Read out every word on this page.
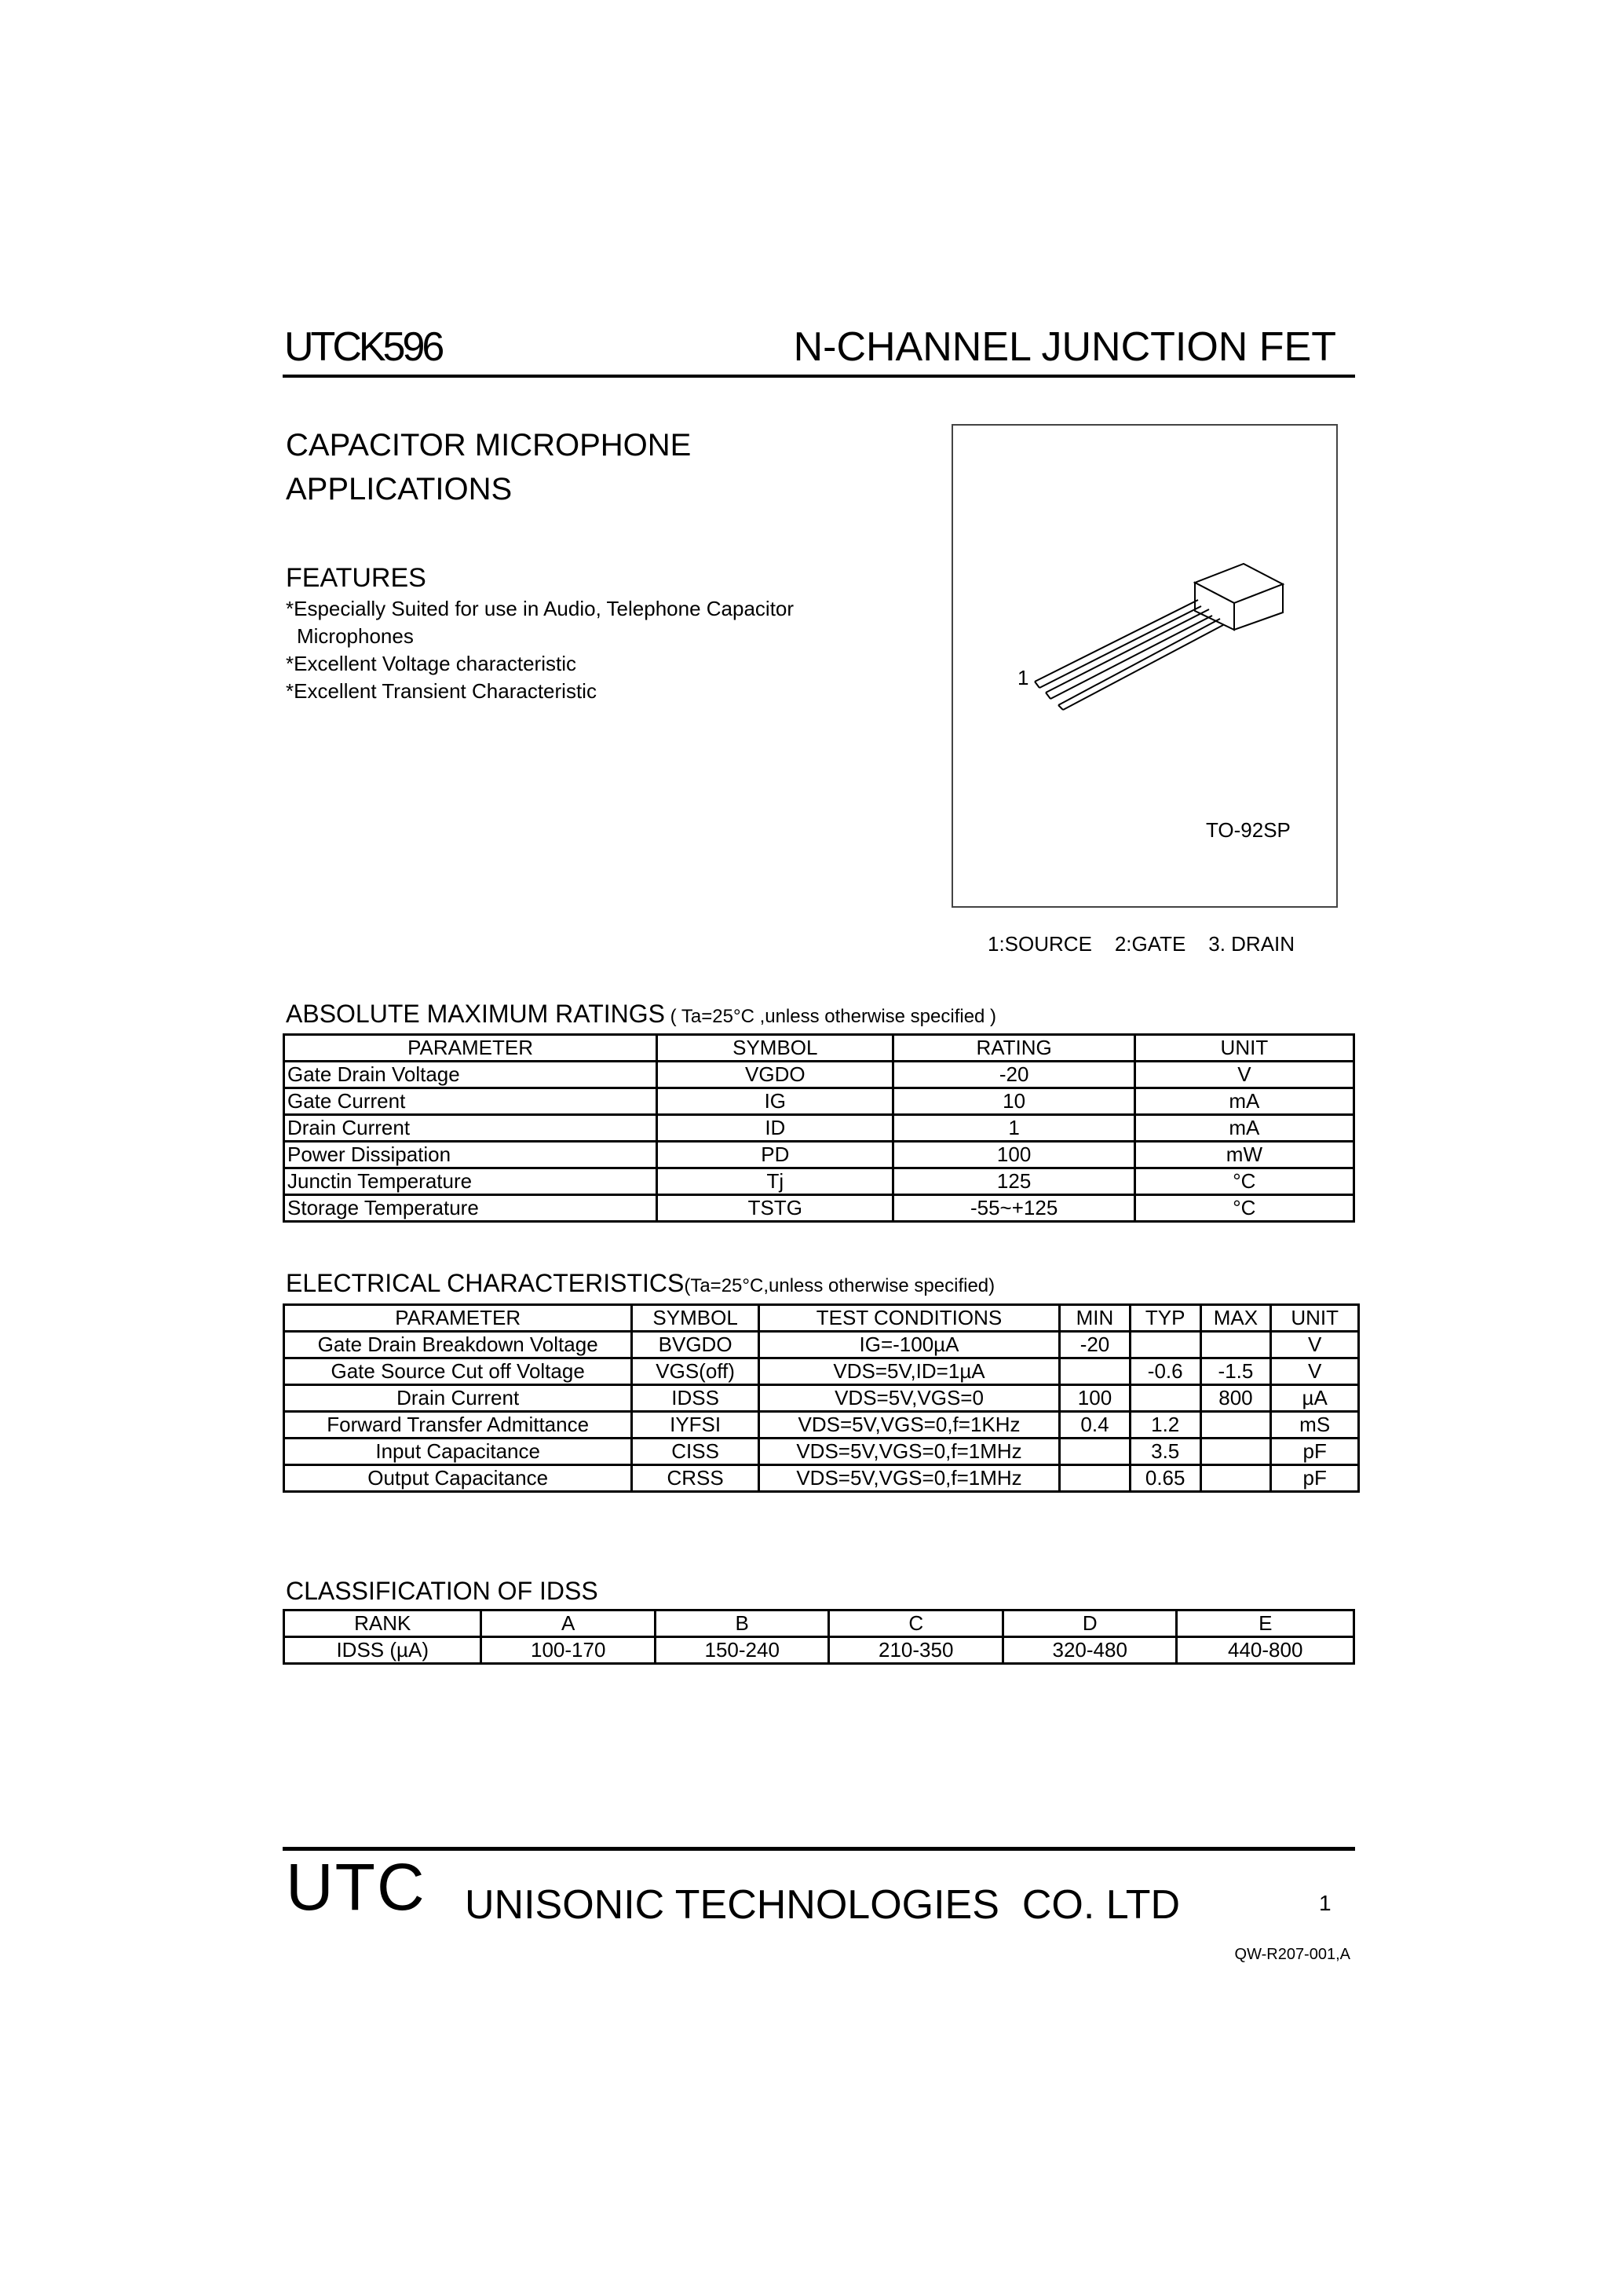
UTCK596	N-CHANNEL JUNCTION FET
CAPACITOR MICROPHONE
APPLICATIONS
FEATURES
*Especially Suited for use in Audio, Telephone Capacitor
Microphones
*Excellent Voltage characteristic
*Excellent Transient Characteristic
1
TO-92SP
1:SOURCE    2:GATE    3. DRAIN
ABSOLUTE MAXIMUM RATINGS ( Ta=25°C ,unless otherwise specified )
PARAMETER	SYMBOL	RATING	UNIT
Gate Drain Voltage	VGDO	-20	V
Gate Current	IG	10	mA
Drain Current	ID	1	mA
Power Dissipation	PD	100	mW
Junctin Temperature	Tj	125	°C
Storage Temperature	TSTG	-55~+125	°C
ELECTRICAL CHARACTERISTICS(Ta=25°C,unless otherwise specified)
PARAMETER	SYMBOL	TEST CONDITIONS	MIN	TYP	MAX	UNIT
Gate Drain Breakdown Voltage	BVGDO	IG=-100µA	-20			V
Gate Source Cut off Voltage	VGS(off)	VDS=5V,ID=1µA		-0.6	-1.5	V
Drain Current	IDSS	VDS=5V,VGS=0	100		800	µA
Forward Transfer Admittance	IYFSI	VDS=5V,VGS=0,f=1KHz	0.4	1.2		mS
Input Capacitance	CISS	VDS=5V,VGS=0,f=1MHz		3.5		pF
Output Capacitance	CRSS	VDS=5V,VGS=0,f=1MHz		0.65		pF
CLASSIFICATION OF IDSS
RANK	A	B	C	D	E
IDSS (µA)	100-170	150-240	210-350	320-480	440-800
UTC UNISONIC TECHNOLOGIES  CO. LTD	1
QW-R207-001,A
